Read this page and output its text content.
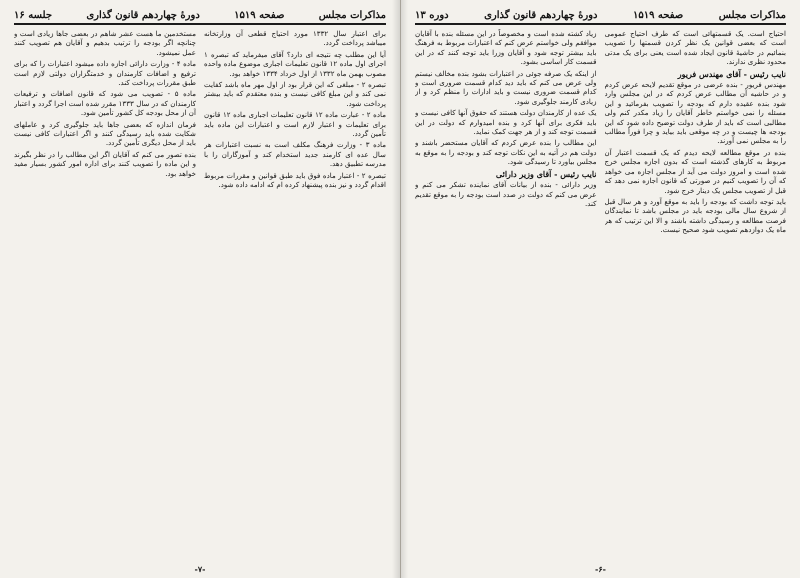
مذاکرات مجلس
صفحه ۱۵۱۹
دورهٔ چهاردهم قانون گذاری
دوره ۱۳

احتیاج است. یک قسمتهائی است که طرف احتیاج عمومی است که بعضی قوانین یک نظر کردن قسمتها را تصویب بنمائیم در حاشیهٔ قانون ایجاد شده است یعنی برای یک مدتی محدود نظری ندارند.

نایب رئیس - آقای مهندس فریور

مهندس فریور - بنده عرضی در موقع تقدیم لایحه عرض کردم و در حاشیه آن مطالب عرض کردم که در این مجلس وارد شود بنده عقیده دارم که بودجه را تصویب بفرمائید و این مسئله را نمی خواستم خاطر آقایان را زیاد مکدر کنم ولی مطالبی است که باید از طرف دولت توضیح داده شود که این بودجه ها چیست و در چه موقعی باید بیاید و چرا فوراً مطالب را به مجلس نمی آورند.

بنده در موقع مطالعه لایحه دیدم که یک قسمت اعتبار آن مربوط به کارهای گذشته است که بدون اجازه مجلس خرج شده است و امروز دولت می آید از مجلس اجازه می خواهد که آن را تصویب کنیم در صورتی که قانون اجازه نمی دهد که قبل از تصویب مجلس یک دینار خرج شود.

باید توجه داشت که بودجه را باید به موقع آورد و هر سال قبل از شروع سال مالی بودجه باید در مجلس باشد تا نمایندگان فرصت مطالعه و رسیدگی داشته باشند و الا این ترتیب که هر ماه یک دوازدهم تصویب شود صحیح نیست.

زیاد کشته شده است و مخصوصاً در این مسئله بنده با آقایان موافقم ولی خواستم عرض کنم که اعتبارات مربوط به فرهنگ باید بیشتر توجه شود و آقایان وزرا باید توجه کنند که در این قسمت کار اساسی بشود.

از اینکه یک صرفه جوئی در اعتبارات بشود بنده مخالف نیستم ولی عرض می کنم که باید دید کدام قسمت ضروری است و کدام قسمت ضروری نیست و باید ادارات را منظم کرد و از زیادی کارمند جلوگیری شود.

یک عده از کارمندان دولت هستند که حقوق آنها کافی نیست و باید فکری برای آنها کرد و بنده امیدوارم که دولت در این قسمت توجه کند و از هر جهت کمک نماید.

این مطالب را بنده عرض کردم که آقایان مستحضر باشند و دولت هم در آتیه به این نکات توجه کند و بودجه را به موقع به مجلس بیاورد تا رسیدگی شود.

نایب رئیس - آقای وزیر دارائی

وزیر دارائی - بنده از بیانات آقای نماینده تشکر می کنم و عرض می کنم که دولت در صدد است بودجه را به موقع تقدیم کند.

-۶-
مذاکرات مجلس
صفحه ۱۵۱۹
دورهٔ چهاردهم قانون گذاری
جلسه ۱۶

برای اعتبار سال ۱۳۳۲ مورد احتیاج قطعی آن وزارتخانه میباشد پرداخت گردد.

آیا این مطلب چه نتیجه ای دارد؟ آقای میفرماید که تبصره ۱ اجرای اول ماده ۱۲ قانون تعلیمات اجباری موضوع ماده واحده مصوب بهمن ماه ۱۳۳۲ از اول خرداد ۱۳۳۴ خواهد بود.

تبصره ۲ - مبلغی که این قرار بود از اول مهر ماه باشد کفایت نمی کند و این مبلغ کافی نیست و بنده معتقدم که باید بیشتر پرداخت شود.

ماده ۲ - عبارت ماده ۱۲ قانون تعلیمات اجباری ماده ۱۲ قانون برای تعلیمات و اعتبار لازم است و اعتبارات این ماده باید تأمین گردد.

ماده ۳ - وزارت فرهنگ مکلف است به نسبت اعتبارات هر سال عده ای کارمند جدید استخدام کند و آموزگاران را با مدرسه تطبیق دهد.

تبصره ۲ - اعتبار ماده فوق باید طبق قوانین و مقررات مربوط اقدام گردد و نیز بنده پیشنهاد کرده ام که ادامه داده شود.

مستخدمین ما هست عشر شاهم در بعضی جاها زیادی است و چنانچه اگر بودجه را ترتیب بدهیم و آقایان هم تصویب کنند عمل نمیشود.

ماده ۴ - وزارت دارائی اجازه داده میشود اعتبارات را که برای ترفیع و اضافات کارمندان و خدمتگزاران دولتی لازم است طبق مقررات پرداخت کند.

ماده ۵ - تصویب می شود که قانون اضافات و ترفیعات کارمندان که در سال ۱۳۳۳ مقرر شده است اجرا گردد و اعتبار آن از محل بودجه کل کشور تأمین شود.

فرمان اندازه که بعضی جاها باید جلوگیری کرد و عاملهای شکایت شده باید رسیدگی کنند و اگر اعتبارات کافی نیست باید از محل دیگری تأمین گردد.

بنده تصور می کنم که آقایان اگر این مطالب را در نظر بگیرند و این ماده را تصویب کنند برای اداره امور کشور بسیار مفید خواهد بود.

-۷-
